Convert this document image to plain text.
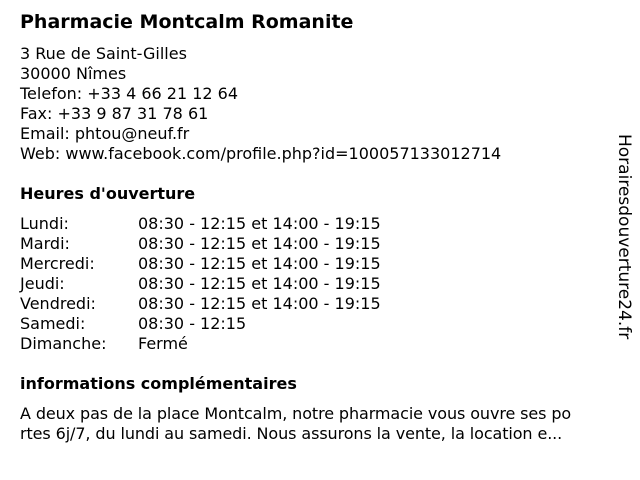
Pharmacie Montcalm Romanite
3 Rue de Saint-Gilles
30000 Nîmes
Telefon: +33 4 66 21 12 64
Fax: +33 9 87 31 78 61
Email: phtou@neuf.fr
Web: www.facebook.com/profile.php?id=100057133012714
Heures d'ouverture
Lundi:	08:30 - 12:15 et 14:00 - 19:15
Mardi:	08:30 - 12:15 et 14:00 - 19:15
Mercredi:	08:30 - 12:15 et 14:00 - 19:15
Jeudi:	08:30 - 12:15 et 14:00 - 19:15
Vendredi:	08:30 - 12:15 et 14:00 - 19:15
Samedi:	08:30 - 12:15
Dimanche: Fermé
informations complémentaires
A deux pas de la place Montcalm, notre pharmacie vous ouvre ses po
rtes 6j/7, du lundi au samedi. Nous assurons la vente, la location e...
Horairesdouverture24.fr
